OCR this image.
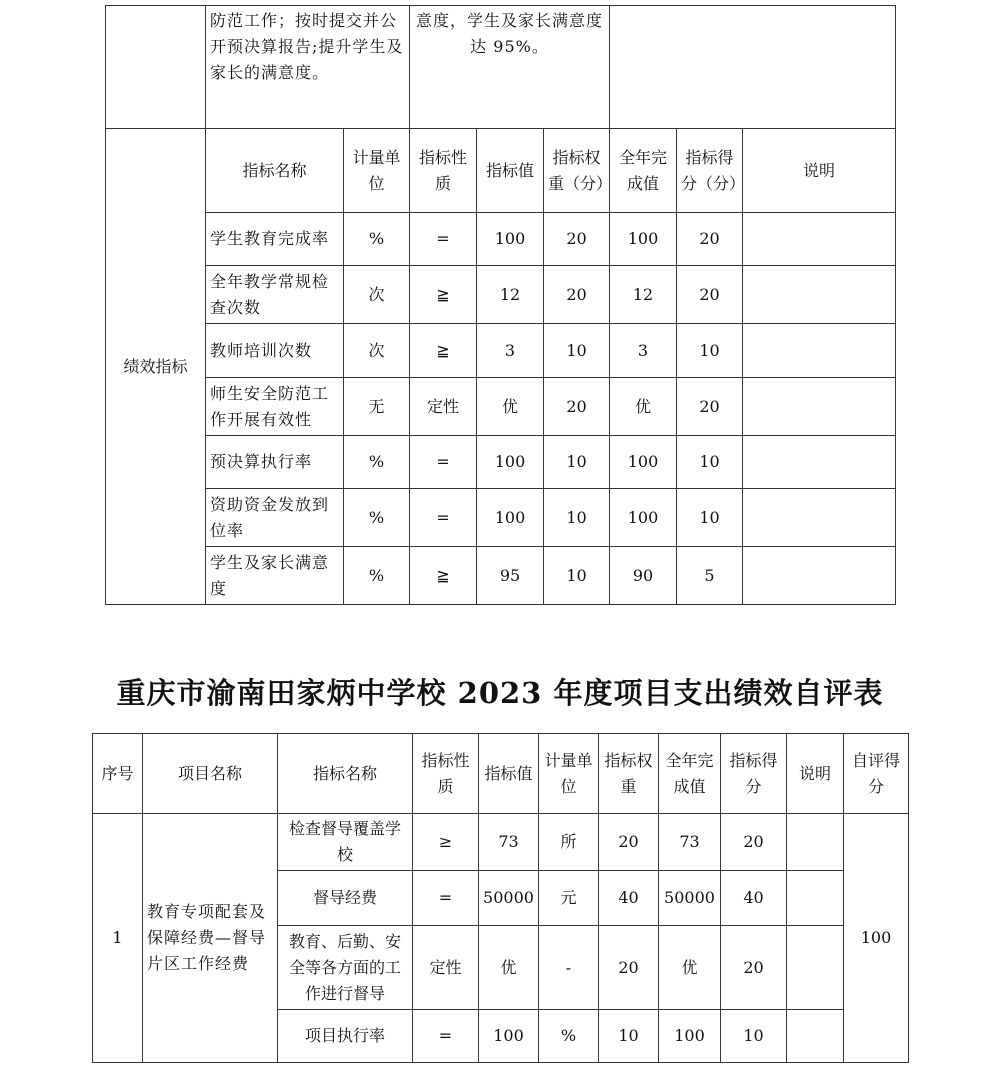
	防范工作；按时提交并公开预决算报告;提升学生及家长的满意度。		意度，学生及家长满意度达 95%。					
绩效指标	指标名称	计量单位	指标性质	指标值	指标权重（分）	全年完成值	指标得分（分）	说明
	学生教育完成率	%	=	100	20	100	20	
	全年教学常规检查次数	次	≧	12	20	12	20	
	教师培训次数	次	≧	3	10	3	10	
	师生安全防范工作开展有效性	无	定性	优	20	优	20	
	预决算执行率	%	=	100	10	100	10	
	资助资金发放到位率	%	=	100	10	100	10	
	学生及家长满意度	%	≧	95	10	90	5	
重庆市渝南田家炳中学校 2023 年度项目支出绩效自评表
序号	项目名称	指标名称	指标性质	指标值	计量单位	指标权重	全年完成值	指标得分	说明	自评得分
1	教育专项配套及保障经费—督导片区工作经费	检查督导覆盖学校	≥	73	所	20	73	20		100
		督导经费	=	50000	元	40	50000	40		
		教育、后勤、安全等各方面的工作进行督导	定性	优	-	20	优	20		
		项目执行率	=	100	%	10	100	10		
